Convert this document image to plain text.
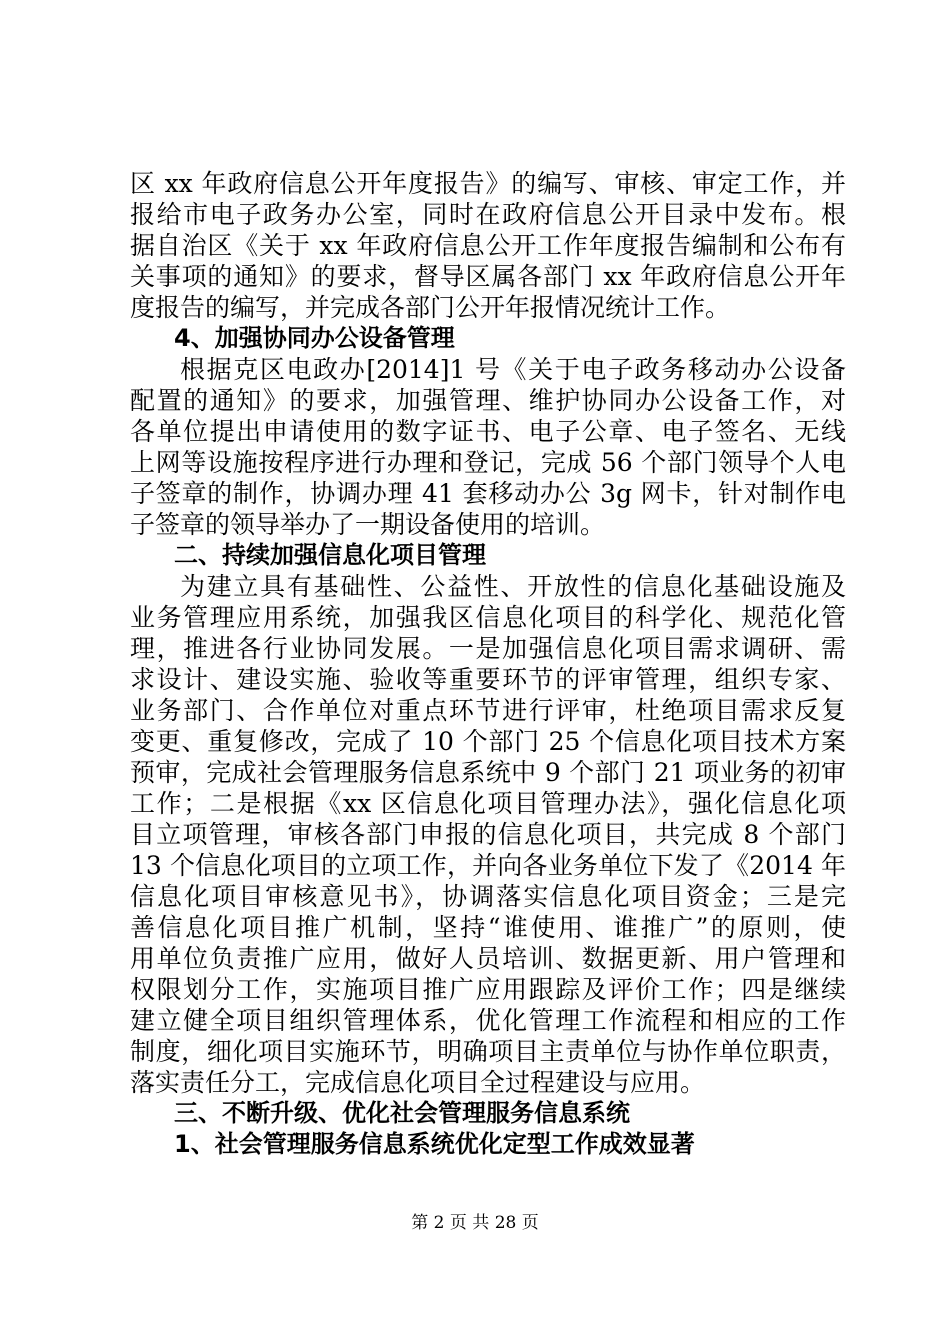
区 xx 年政府信息公开年度报告》的编写、审核、审定工作，并
报给市电子政务办公室，同时在政府信息公开目录中发布。根
据自治区《关于 xx 年政府信息公开工作年度报告编制和公布有
关事项的通知》的要求，督导区属各部门 xx 年政府信息公开年
度报告的编写，并完成各部门公开年报情况统计工作。
4、加强协同办公设备管理
根据克区电政办[2014]1 号《关于电子政务移动办公设备
配置的通知》的要求，加强管理、维护协同办公设备工作，对
各单位提出申请使用的数字证书、电子公章、电子签名、无线
上网等设施按程序进行办理和登记，完成 56 个部门领导个人电
子签章的制作，协调办理 41 套移动办公 3g 网卡，针对制作电
子签章的领导举办了一期设备使用的培训。
二、持续加强信息化项目管理
为建立具有基础性、公益性、开放性的信息化基础设施及
业务管理应用系统，加强我区信息化项目的科学化、规范化管
理，推进各行业协同发展。一是加强信息化项目需求调研、需
求设计、建设实施、验收等重要环节的评审管理，组织专家、
业务部门、合作单位对重点环节进行评审，杜绝项目需求反复
变更、重复修改，完成了 10 个部门 25 个信息化项目技术方案
预审，完成社会管理服务信息系统中 9 个部门 21 项业务的初审
工作；二是根据《xx 区信息化项目管理办法》，强化信息化项
目立项管理，审核各部门申报的信息化项目，共完成 8 个部门
13 个信息化项目的立项工作，并向各业务单位下发了《2014 年
信息化项目审核意见书》，协调落实信息化项目资金；三是完
善信息化项目推广机制，坚持“谁使用、谁推广”的原则，使
用单位负责推广应用，做好人员培训、数据更新、用户管理和
权限划分工作，实施项目推广应用跟踪及评价工作；四是继续
建立健全项目组织管理体系，优化管理工作流程和相应的工作
制度，细化项目实施环节，明确项目主责单位与协作单位职责，
落实责任分工，完成信息化项目全过程建设与应用。
三、不断升级、优化社会管理服务信息系统
1、社会管理服务信息系统优化定型工作成效显著
第 2 页 共 28 页
